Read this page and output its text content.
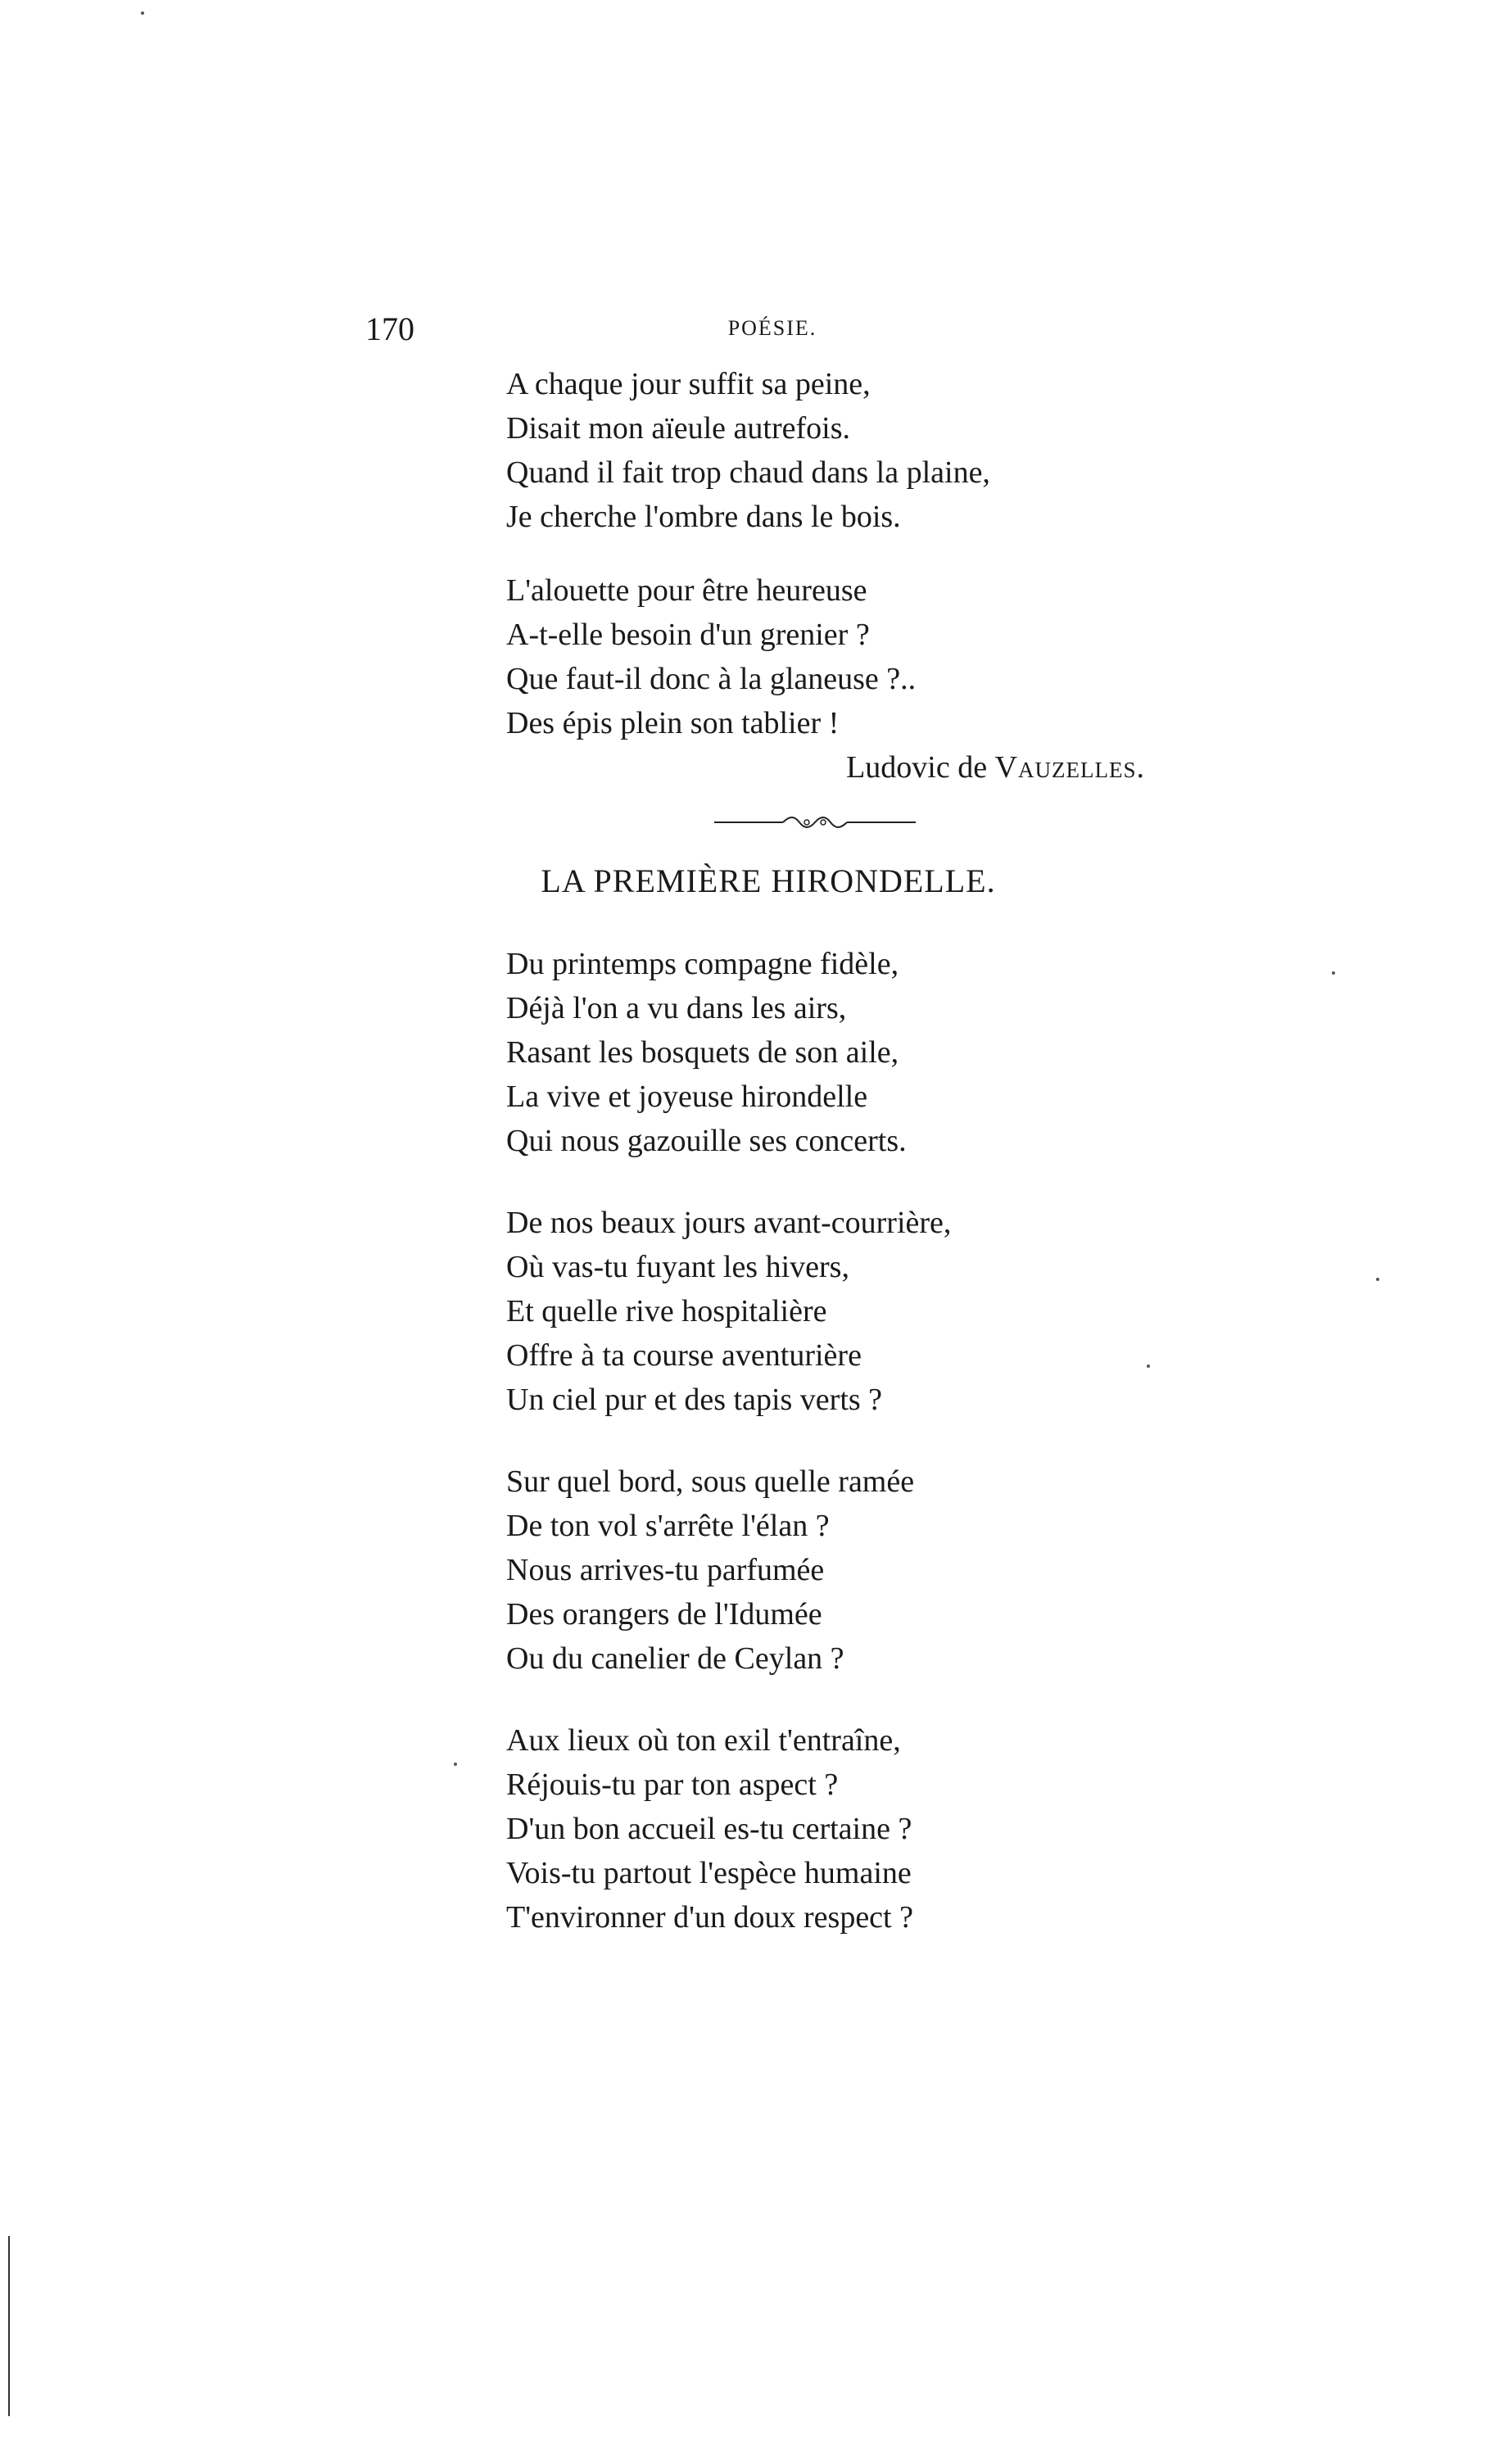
170	POÉSIE.
A chaque jour suffit sa peine,
Disait mon aïeule autrefois.
Quand il fait trop chaud dans la plaine,
Je cherche l'ombre dans le bois.
L'alouette pour être heureuse
A-t-elle besoin d'un grenier ?
Que faut-il donc à la glaneuse ?..
Des épis plein son tablier !
Ludovic de Vauzelles.
LA PREMIÈRE HIRONDELLE.
Du printemps compagne fidèle,
Déjà l'on a vu dans les airs,
Rasant les bosquets de son aile,
La vive et joyeuse hirondelle
Qui nous gazouille ses concerts.
De nos beaux jours avant-courrière,
Où vas-tu fuyant les hivers,
Et quelle rive hospitalière
Offre à ta course aventurière
Un ciel pur et des tapis verts ?
Sur quel bord, sous quelle ramée
De ton vol s'arrête l'élan ?
Nous arrives-tu parfumée
Des orangers de l'Idumée
Ou du canelier de Ceylan ?
Aux lieux où ton exil t'entraîne,
Réjouis-tu par ton aspect ?
D'un bon accueil es-tu certaine ?
Vois-tu partout l'espèce humaine
T'environner d'un doux respect ?
